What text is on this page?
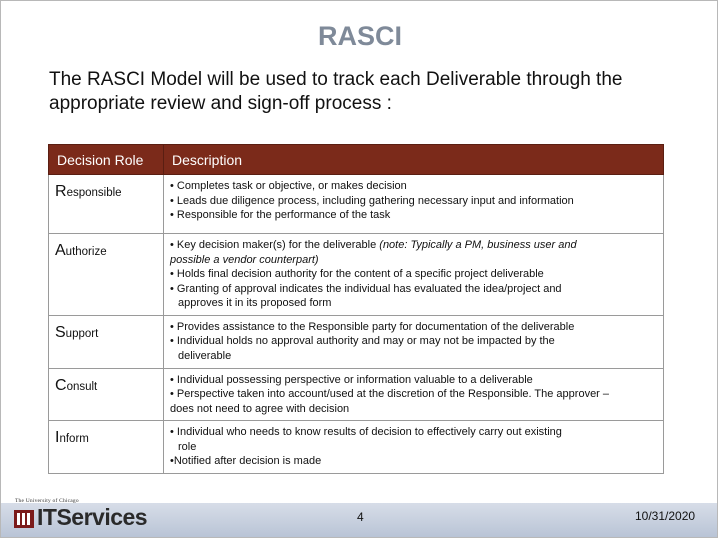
RASCI
The RASCI Model will be used to track each Deliverable through the appropriate review and sign-off process :
Decision Role	Description
Responsible	• Completes task or objective, or makes decision
• Leads due diligence process, including gathering necessary input and information
• Responsible for the performance of the task

Authorize	• Key decision maker(s) for the deliverable (note: Typically a PM, business user and
possible a vendor counterpart)
• Holds final decision authority for the content of a specific project deliverable
• Granting of approval indicates the individual has evaluated the idea/project and
approves it in its proposed form

Support	• Provides assistance to the Responsible party for documentation of the deliverable
• Individual holds no approval authority and may or may not be impacted by the
deliverable

Consult	• Individual possessing perspective or information valuable to a deliverable
• Perspective taken into account/used at the discretion of the Responsible. The approver –
does not need to agree with decision

Inform	• Individual who needs to know results of decision to effectively carry out existing
role
•Notified after decision is made
The University of Chicago
ITServices	4	10/31/2020
